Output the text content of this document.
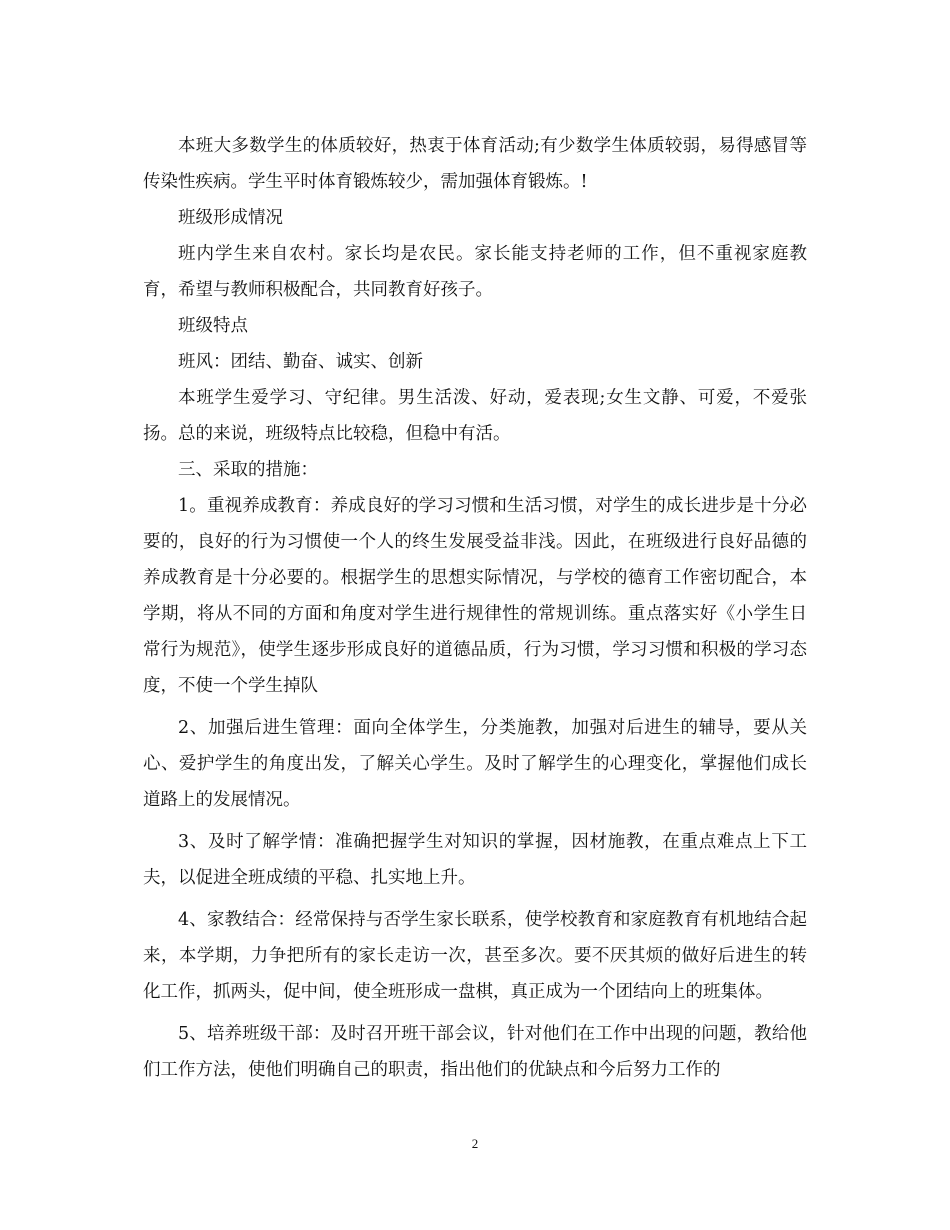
本班大多数学生的体质较好，热衷于体育活动;有少数学生体质较弱，易得感冒等传染性疾病。学生平时体育锻炼较少，需加强体育锻炼。!

班级形成情况

班内学生来自农村。家长均是农民。家长能支持老师的工作，但不重视家庭教育，希望与教师积极配合，共同教育好孩子。

班级特点

班风：团结、勤奋、诚实、创新

本班学生爱学习、守纪律。男生活泼、好动，爱表现;女生文静、可爱，不爱张扬。总的来说，班级特点比较稳，但稳中有活。

三、采取的措施：

1。重视养成教育：养成良好的学习习惯和生活习惯，对学生的成长进步是十分必要的，良好的行为习惯使一个人的终生发展受益非浅。因此，在班级进行良好品德的养成教育是十分必要的。根据学生的思想实际情况，与学校的德育工作密切配合，本学期，将从不同的方面和角度对学生进行规律性的常规训练。重点落实好《小学生日常行为规范》，使学生逐步形成良好的道德品质，行为习惯，学习习惯和积极的学习态度，不使一个学生掉队

2、加强后进生管理：面向全体学生，分类施教，加强对后进生的辅导，要从关心、爱护学生的角度出发，了解关心学生。及时了解学生的心理变化，掌握他们成长道路上的发展情况。

3、及时了解学情：准确把握学生对知识的掌握，因材施教，在重点难点上下工夫，以促进全班成绩的平稳、扎实地上升。

4、家教结合：经常保持与否学生家长联系，使学校教育和家庭教育有机地结合起来，本学期，力争把所有的家长走访一次，甚至多次。要不厌其烦的做好后进生的转化工作，抓两头，促中间，使全班形成一盘棋，真正成为一个团结向上的班集体。

5、培养班级干部：及时召开班干部会议，针对他们在工作中出现的问题，教给他们工作方法，使他们明确自己的职责，指出他们的优缺点和今后努力工作的

2
